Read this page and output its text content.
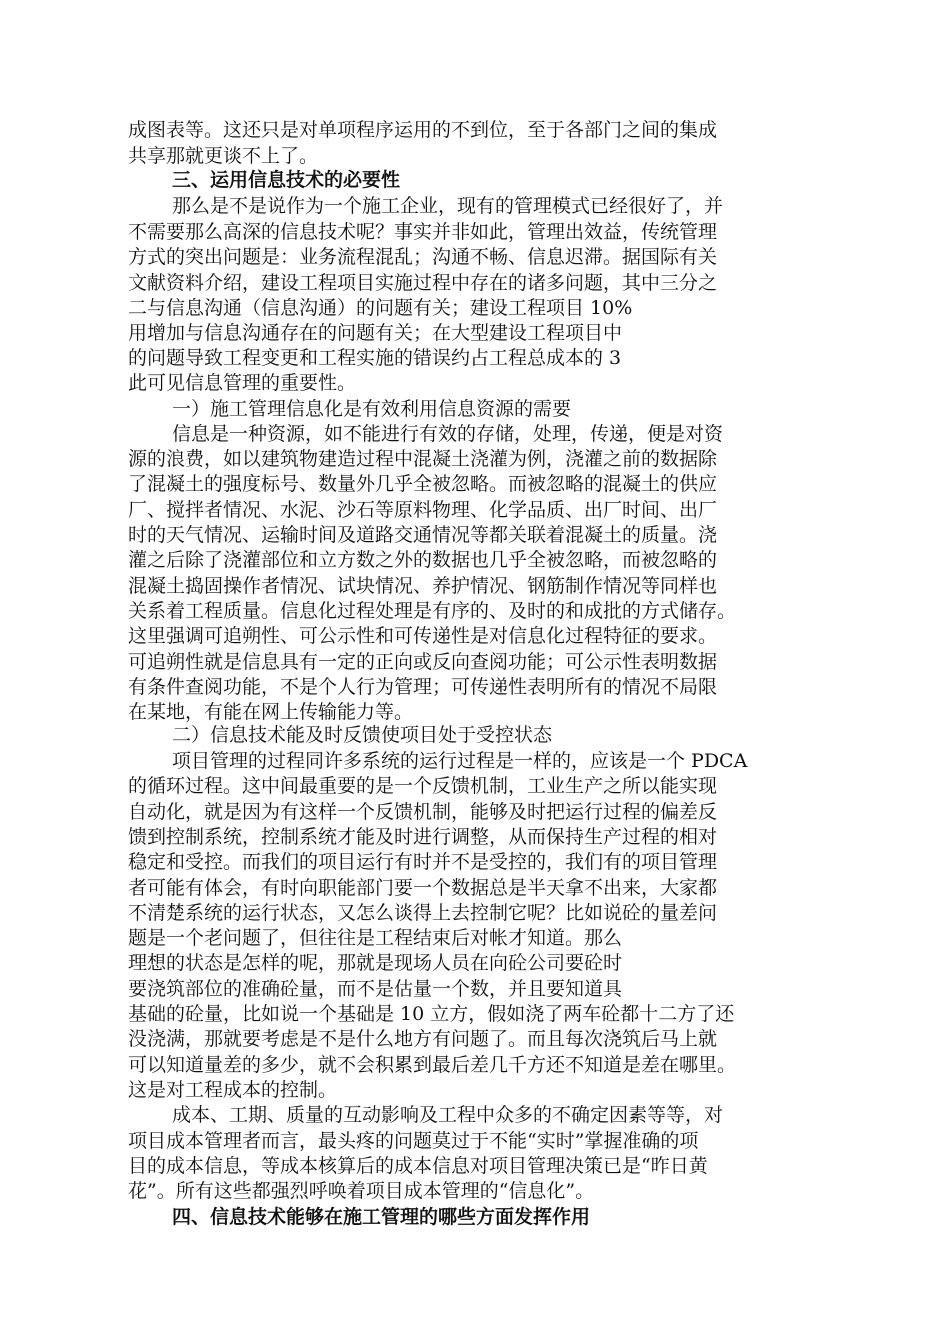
成图表等。这还只是对单项程序运用的不到位，至于各部门之间的集成
共享那就更谈不上了。
三、运用信息技术的必要性
那么是不是说作为一个施工企业，现有的管理模式已经很好了，并
不需要那么高深的信息技术呢？事实并非如此，管理出效益，传统管理
方式的突出问题是：业务流程混乱；沟通不畅、信息迟滞。据国际有关
文献资料介绍，建设工程项目实施过程中存在的诸多问题，其中三分之
二与信息沟通（信息沟通）的问题有关；建设工程项目 10%
用增加与信息沟通存在的问题有关；在大型建设工程项目中
的问题导致工程变更和工程实施的错误约占工程总成本的 3
此可见信息管理的重要性。
一）施工管理信息化是有效利用信息资源的需要
信息是一种资源，如不能进行有效的存储，处理，传递，便是对资
源的浪费，如以建筑物建造过程中混凝土浇灌为例，浇灌之前的数据除
了混凝土的强度标号、数量外几乎全被忽略。而被忽略的混凝土的供应
厂、搅拌者情况、水泥、沙石等原料物理、化学品质、出厂时间、出厂
时的天气情况、运输时间及道路交通情况等都关联着混凝土的质量。浇
灌之后除了浇灌部位和立方数之外的数据也几乎全被忽略，而被忽略的
混凝土捣固操作者情况、试块情况、养护情况、钢筋制作情况等同样也
关系着工程质量。信息化过程处理是有序的、及时的和成批的方式储存。
这里强调可追朔性、可公示性和可传递性是对信息化过程特征的要求。
可追朔性就是信息具有一定的正向或反向查阅功能；可公示性表明数据
有条件查阅功能，不是个人行为管理；可传递性表明所有的情况不局限
在某地，有能在网上传输能力等。
二）信息技术能及时反馈使项目处于受控状态
项目管理的过程同许多系统的运行过程是一样的，应该是一个 PDCA
的循环过程。这中间最重要的是一个反馈机制，工业生产之所以能实现
自动化，就是因为有这样一个反馈机制，能够及时把运行过程的偏差反
馈到控制系统，控制系统才能及时进行调整，从而保持生产过程的相对
稳定和受控。而我们的项目运行有时并不是受控的，我们有的项目管理
者可能有体会，有时向职能部门要一个数据总是半天拿不出来，大家都
不清楚系统的运行状态，又怎么谈得上去控制它呢？比如说砼的量差问
题是一个老问题了，但往往是工程结束后对帐才知道。那么
理想的状态是怎样的呢，那就是现场人员在向砼公司要砼时
要浇筑部位的准确砼量，而不是估量一个数，并且要知道具
基础的砼量，比如说一个基础是 10 立方，假如浇了两车砼都十二方了还
没浇满，那就要考虑是不是什么地方有问题了。而且每次浇筑后马上就
可以知道量差的多少，就不会积累到最后差几千方还不知道是差在哪里。
这是对工程成本的控制。
成本、工期、质量的互动影响及工程中众多的不确定因素等等，对
项目成本管理者而言，最头疼的问题莫过于不能“实时”掌握准确的项
目的成本信息，等成本核算后的成本信息对项目管理决策已是“昨日黄
花”。所有这些都强烈呼唤着项目成本管理的“信息化”。
四、信息技术能够在施工管理的哪些方面发挥作用
